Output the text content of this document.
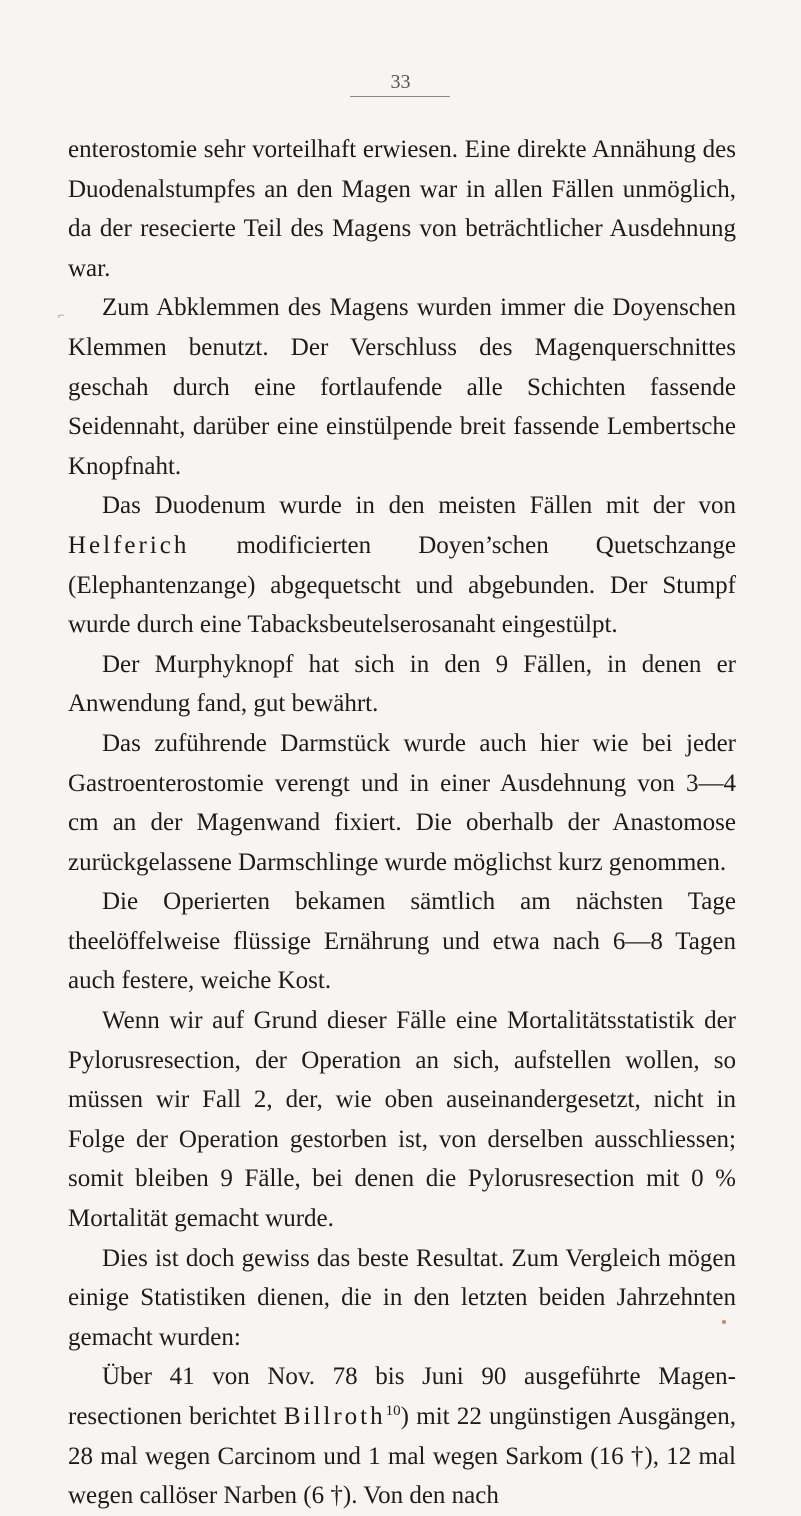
33
⌐

enterostomie sehr vorteilhaft erwiesen. Eine direkte Annähung des Duodenalstumpfes an den Magen war in allen Fällen unmöglich, da der resecierte Teil des Magens von beträchtlicher Ausdehnung war.

Zum Abklemmen des Magens wurden immer die Doyenschen Klemmen benutzt. Der Verschluss des Magenquerschnittes geschah durch eine fortlaufende alle Schichten fassende Seidennaht, darüber eine einstülpende breit fassende Lembertsche Knopfnaht.

Das Duodenum wurde in den meisten Fällen mit der von Helferich modificierten Doyen’schen Quetschzange (Elephantenzange) abgequetscht und abgebunden. Der Stumpf wurde durch eine Tabacksbeutelserosanaht eingestülpt.

Der Murphyknopf hat sich in den 9 Fällen, in denen er Anwendung fand, gut bewährt.

Das zuführende Darmstück wurde auch hier wie bei jeder Gastroenterostomie verengt und in einer Ausdehnung von 3—4 cm an der Magenwand fixiert. Die oberhalb der Anastomose zurückgelassene Darmschlinge wurde möglichst kurz genommen.

Die Operierten bekamen sämtlich am nächsten Tage theelöffelweise flüssige Ernährung und etwa nach 6—8 Tagen auch festere, weiche Kost.

Wenn wir auf Grund dieser Fälle eine Mortalitätsstatistik der Pylorusresection, der Operation an sich, aufstellen wollen, so müssen wir Fall 2, der, wie oben auseinandergesetzt, nicht in Folge der Operation gestorben ist, von derselben ausschliessen; somit bleiben 9 Fälle, bei denen die Pylorusresection mit 0 % Mortalität gemacht wurde.

Dies ist doch gewiss das beste Resultat. Zum Vergleich mögen einige Statistiken dienen, die in den letzten beiden Jahrzehnten gemacht wurden:

Über 41 von Nov. 78 bis Juni 90 ausgeführte Magenresectionen berichtet Billroth$^{10}$) mit 22 ungünstigen Ausgängen, 28 mal wegen Carcinom und 1 mal wegen Sarkom (16 †), 12 mal wegen callöser Narben (6 †). Von den nach
